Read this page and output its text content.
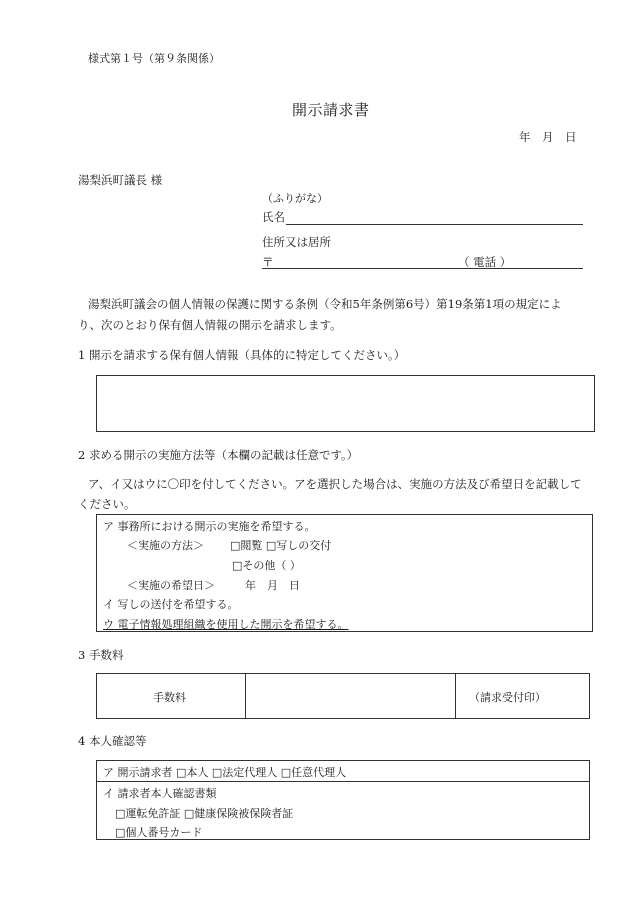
様式第１号（第９条関係）
開示請求書
年　月　日
湯梨浜町議長 様
（ふりがな）
氏名
住所又は居所
〒	（ 電話 ）
湯梨浜町議会の個人情報の保護に関する条例（令和5年条例第6号）第19条第1項の規定によ
り、次のとおり保有個人情報の開示を請求します。
1 開示を請求する保有個人情報（具体的に特定してください。）
2 求める開示の実施方法等（本欄の記載は任意です。）
ア、イ又はウに〇印を付してください。アを選択した場合は、実施の方法及び希望日を記載して
ください。
ア 事務所における開示の実施を希望する。
＜実施の方法＞ □閲覧 □写しの交付
□その他（ ）
＜実施の希望日＞	年　月　日
イ 写しの送付を希望する。
ウ 電子情報処理組織を使用した開示を希望する。
3 手数料
手数料	（請求受付印）
4 本人確認等
ア 開示請求者 □本人 □法定代理人 □任意代理人
イ 請求者本人確認書類
□運転免許証 □健康保険被保険者証
□個人番号カード
